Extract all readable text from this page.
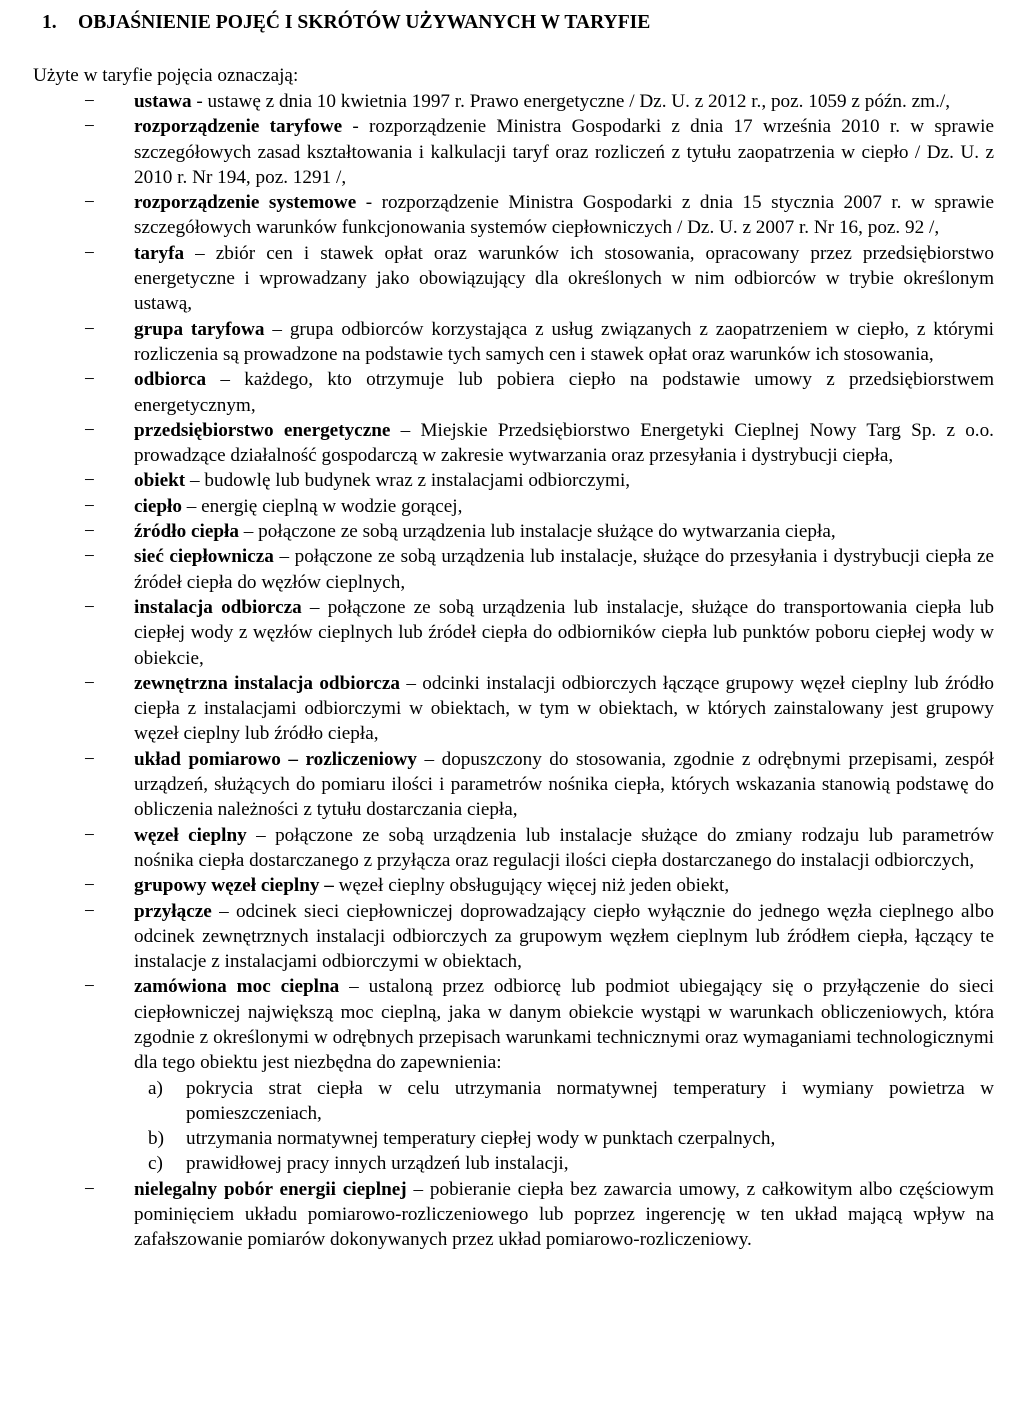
1. OBJAŚNIENIE POJĘĆ I SKRÓTÓW UŻYWANYCH W TARYFIE
Użyte w taryfie pojęcia oznaczają:
−	ustawa - ustawę z dnia 10 kwietnia 1997 r. Prawo energetyczne / Dz. U. z 2012 r., poz. 1059 z późn. zm./,
−	rozporządzenie taryfowe - rozporządzenie Ministra Gospodarki z dnia 17 września 2010 r. w sprawie szczegółowych zasad kształtowania i kalkulacji taryf oraz rozliczeń z tytułu zaopatrzenia w ciepło / Dz. U. z 2010 r. Nr 194, poz. 1291 /,
−	rozporządzenie systemowe - rozporządzenie Ministra Gospodarki z dnia 15 stycznia 2007 r. w sprawie szczegółowych warunków funkcjonowania systemów ciepłowniczych / Dz. U. z 2007 r. Nr 16, poz. 92 /,
−	taryfa – zbiór cen i stawek opłat oraz warunków ich stosowania, opracowany przez przedsiębiorstwo energetyczne i wprowadzany jako obowiązujący dla określonych w nim odbiorców w trybie określonym ustawą,
−	grupa taryfowa – grupa odbiorców korzystająca z usług związanych z zaopatrzeniem w ciepło, z którymi rozliczenia są prowadzone na podstawie tych samych cen i stawek opłat oraz warunków ich stosowania,
−	odbiorca – każdego, kto otrzymuje lub pobiera ciepło na podstawie umowy z przedsiębiorstwem energetycznym,
−	przedsiębiorstwo energetyczne – Miejskie Przedsiębiorstwo Energetyki Cieplnej Nowy Targ Sp. z o.o. prowadzące działalność gospodarczą w zakresie wytwarzania oraz przesyłania i dystrybucji ciepła,
−	obiekt – budowlę lub budynek wraz z instalacjami odbiorczymi,
−	ciepło – energię cieplną w wodzie gorącej,
−	źródło ciepła – połączone ze sobą urządzenia lub instalacje służące do wytwarzania ciepła,
−	sieć ciepłownicza – połączone ze sobą urządzenia lub instalacje, służące do przesyłania i dystrybucji ciepła ze źródeł ciepła do węzłów cieplnych,
−	instalacja odbiorcza – połączone ze sobą urządzenia lub instalacje, służące do transportowania ciepła lub ciepłej wody z węzłów cieplnych lub źródeł ciepła do odbiorników ciepła lub punktów poboru ciepłej wody w obiekcie,
−	zewnętrzna instalacja odbiorcza – odcinki instalacji odbiorczych łączące grupowy węzeł cieplny lub źródło ciepła z instalacjami odbiorczymi w obiektach, w tym w obiektach, w których zainstalowany jest grupowy węzeł cieplny lub źródło ciepła,
−	układ pomiarowo – rozliczeniowy – dopuszczony do stosowania, zgodnie z odrębnymi przepisami, zespół urządzeń, służących do pomiaru ilości i parametrów nośnika ciepła, których wskazania stanowią podstawę do obliczenia należności z tytułu dostarczania ciepła,
−	węzeł cieplny – połączone ze sobą urządzenia lub instalacje służące do zmiany rodzaju lub parametrów nośnika ciepła dostarczanego z przyłącza oraz regulacji ilości ciepła dostarczanego do instalacji odbiorczych,
−	grupowy węzeł cieplny – węzeł cieplny obsługujący więcej niż jeden obiekt,
−	przyłącze – odcinek sieci ciepłowniczej doprowadzający ciepło wyłącznie do jednego węzła cieplnego albo odcinek zewnętrznych instalacji odbiorczych za grupowym węzłem cieplnym lub źródłem ciepła, łączący te instalacje z instalacjami odbiorczymi w obiektach,
−	zamówiona moc cieplna – ustaloną przez odbiorcę lub podmiot ubiegający się o przyłączenie do sieci ciepłowniczej największą moc cieplną, jaka w danym obiekcie wystąpi w warunkach obliczeniowych, która zgodnie z określonymi w odrębnych przepisach warunkami technicznymi oraz wymaganiami technologicznymi dla tego obiektu jest niezbędna do zapewnienia:
a) pokrycia strat ciepła w celu utrzymania normatywnej temperatury i wymiany powietrza w pomieszczeniach,
b) utrzymania normatywnej temperatury ciepłej wody w punktach czerpalnych,
c) prawidłowej pracy innych urządzeń lub instalacji,
−	nielegalny pobór energii cieplnej – pobieranie ciepła bez zawarcia umowy, z całkowitym albo częściowym pominięciem układu pomiarowo-rozliczeniowego lub poprzez ingerencję w ten układ mającą wpływ na zafałszowanie pomiarów dokonywanych przez układ pomiarowo-rozliczeniowy.
